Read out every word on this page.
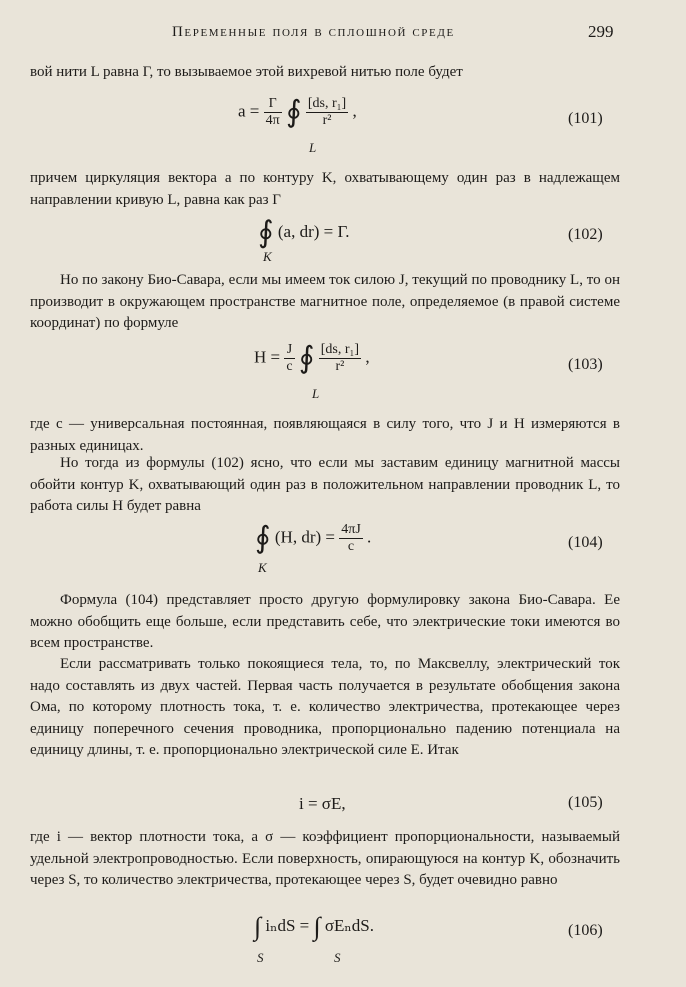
Переменные поля в сплошной среде	299

вой нити L равна Γ, то вызываемое этой вихревой нитью поле будет

$a = \frac{\Gamma}{4\pi}$ ∮ $\frac{\text{[ds, r₁]}}{\text{r²}}$ ,
L
(101)

причем циркуляция вектора a по контуру K, охватывающему один раз в надлежащем направлении кривую L, равна как раз Γ

∮ (a, dr) = Γ.
K
(102)

Но по закону Био-Савара, если мы имеем ток силою J, текущий по проводнику L, то он производит в окружающем пространстве магнитное поле, определяемое (в правой системе координат) по формуле

$H = \frac{J}{c}$ ∮ $\frac{\text{[ds, r₁]}}{\text{r²}}$ ,
L
(103)

где c — универсальная постоянная, появляющаяся в силу того, что J и H измеряются в разных единицах.

Но тогда из формулы (102) ясно, что если мы заставим единицу магнитной массы обойти контур K, охватывающий один раз в положительном направлении проводник L, то работа силы H будет равна

∮ (H, $dr) = \frac{4\pi J}{c}$ .
K
(104)

Формула (104) представляет просто другую формулировку закона Био-Савара. Ее можно обобщить еще больше, если представить себе, что электрические токи имеются во всем пространстве.

Если рассматривать только покоящиеся тела, то, по Максвеллу, электрический ток надо составлять из двух частей. Первая часть получается в результате обобщения закона Ома, по которому плотность тока, т. е. количество электричества, протекающее через единицу поперечного сечения проводника, пропорционально падению потенциала на единицу длины, т. е. пропорционально электрической силе E. Итак

i = σE,	(105)

где i — вектор плотности тока, а σ — коэффициент пропорциональности, называемый удельной электропроводностью. Если поверхность, опирающуюся на контур K, обозначить через S, то количество электричества, протекающее через S, будет очевидно равно

∫ iₙdS = ∫ σEₙdS.
S	S
(106)
